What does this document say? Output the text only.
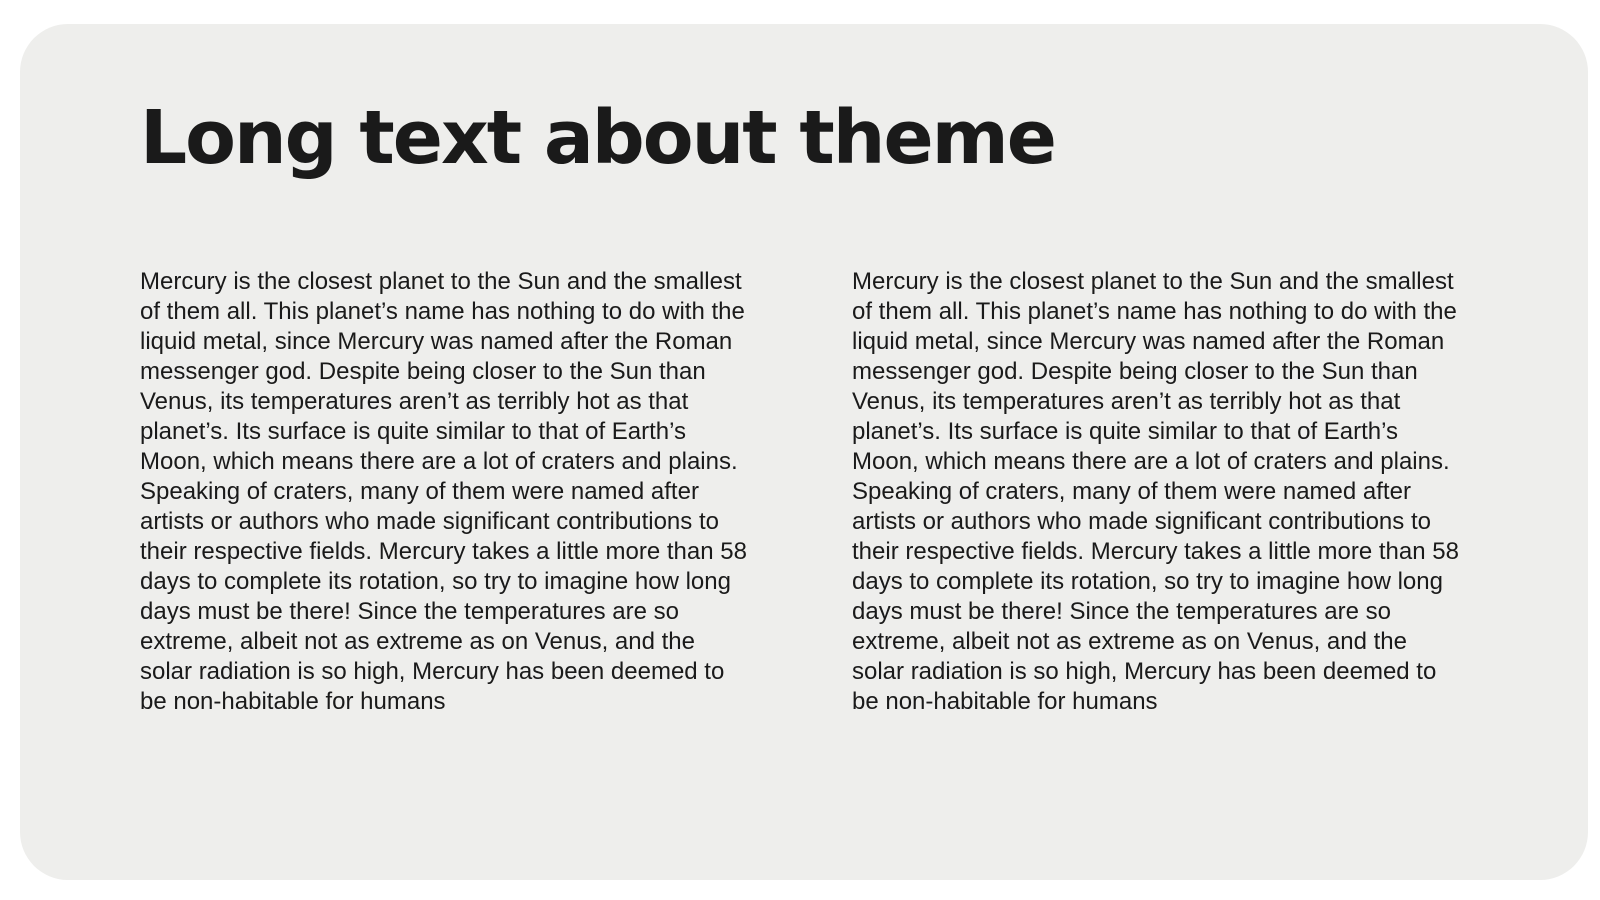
Long text about theme

Mercury is the closest planet to the Sun and the smallest of them all. This planet’s name has nothing to do with the liquid metal, since Mercury was named after the Roman messenger god. Despite being closer to the Sun than Venus, its temperatures aren’t as terribly hot as that planet’s. Its surface is quite similar to that of Earth’s Moon, which means there are a lot of craters and plains. Speaking of craters, many of them were named after artists or authors who made significant contributions to their respective fields. Mercury takes a little more than 58 days to complete its rotation, so try to imagine how long days must be there! Since the temperatures are so extreme, albeit not as extreme as on Venus, and the solar radiation is so high, Mercury has been deemed to be non-habitable for humans

Mercury is the closest planet to the Sun and the smallest of them all. This planet’s name has nothing to do with the liquid metal, since Mercury was named after the Roman messenger god. Despite being closer to the Sun than Venus, its temperatures aren’t as terribly hot as that planet’s. Its surface is quite similar to that of Earth’s Moon, which means there are a lot of craters and plains. Speaking of craters, many of them were named after artists or authors who made significant contributions to their respective fields. Mercury takes a little more than 58 days to complete its rotation, so try to imagine how long days must be there! Since the temperatures are so extreme, albeit not as extreme as on Venus, and the solar radiation is so high, Mercury has been deemed to be non-habitable for humans
